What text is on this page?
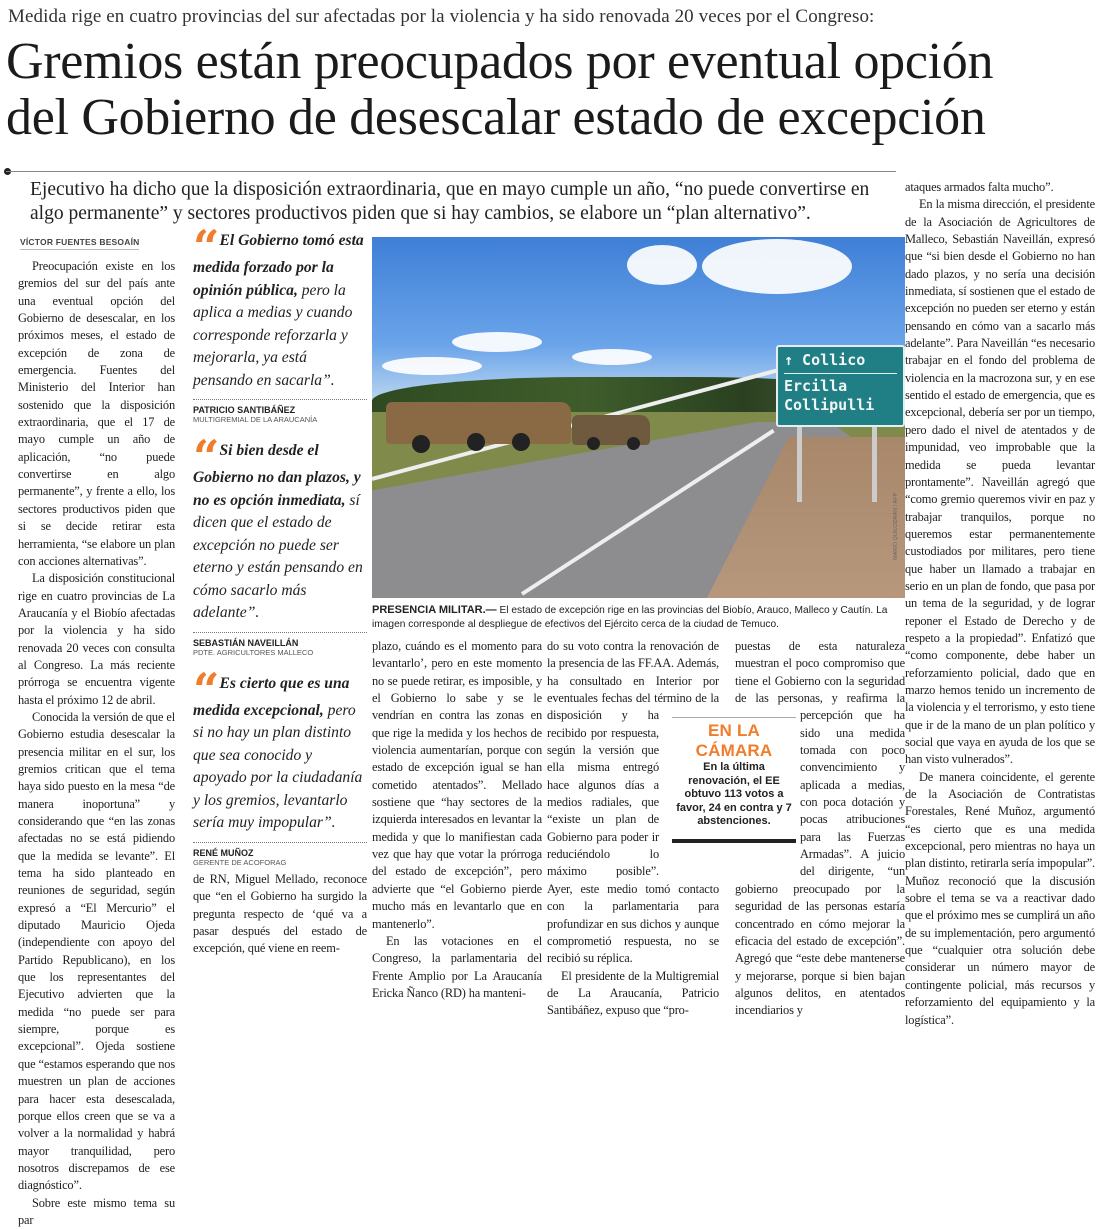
Medida rige en cuatro provincias del sur afectadas por la violencia y ha sido renovada 20 veces por el Congreso:
Gremios están preocupados por eventual opción
del Gobierno de desescalar estado de excepción
Ejecutivo ha dicho que la disposición extraordinaria, que en mayo cumple un año, “no puede convertirse en algo permanente” y sectores productivos piden que si hay cambios, se elabore un “plan alternativo”.
VÍCTOR FUENTES BESOAÍN

Preocupación existe en los gremios del sur del país ante una eventual opción del Gobierno de desescalar, en los próximos meses, el estado de excepción de zona de emergencia. Fuentes del Ministerio del Interior han sostenido que la disposición extraordinaria, que el 17 de mayo cumple un año de aplicación, “no puede convertirse en algo permanente”, y frente a ello, los sectores productivos piden que si se decide retirar esta herramienta, “se elabore un plan con acciones alternativas”.

La disposición constitucional rige en cuatro provincias de La Araucanía y el Biobío afectadas por la violencia y ha sido renovada 20 veces con consulta al Congreso. La más reciente prórroga se encuentra vigente hasta el próximo 12 de abril.

Conocida la versión de que el Gobierno estudia desescalar la presencia militar en el sur, los gremios critican que el tema haya sido puesto en la mesa “de manera inoportuna” y considerando que “en las zonas afectadas no se está pidiendo que la medida se levante”. El tema ha sido planteado en reuniones de seguridad, según expresó a “El Mercurio” el diputado Mauricio Ojeda (independiente con apoyo del Partido Republicano), en los que los representantes del Ejecutivo advierten que la medida “no puede ser para siempre, porque es excepcional”. Ojeda sostiene que “estamos esperando que nos muestren un plan de acciones para hacer esta desescalada, porque ellos creen que se va a volver a la normalidad y habrá mayor tranquilidad, pero nosotros discrepamos de ese diagnóstico”.

Sobre este mismo tema su par

“ El Gobierno tomó esta medida forzado por la opinión pública, pero la aplica a medias y cuando corresponde reforzarla y mejorarla, ya está pensando en sacarla”.
PATRICIO SANTIBÁÑEZ
MULTIGREMIAL DE LA ARAUCANÍA
“ Si bien desde el Gobierno no dan plazos, y no es opción inmediata, sí dicen que el estado de excepción no puede ser eterno y están pensando en cómo sacarlo más adelante”.
SEBASTIÁN NAVEILLÁN
PDTE. AGRICULTORES MALLECO
“ Es cierto que es una medida excepcional, pero si no hay un plan distinto que sea conocido y apoyado por la ciudadanía y los gremios, levantarlo sería muy impopular”.
RENÉ MUÑOZ
GERENTE DE ACOFORAG

de RN, Miguel Mellado, reconoce que “en el Gobierno ha surgido la pregunta respecto de ‘qué va a pasar después del estado de excepción, qué viene en reem-

↑ Collico
Ercilla
Collipulli
MARIO QUILODRÁN / AFP
PRESENCIA MILITAR.— El estado de excepción rige en las provincias del Biobío, Arauco, Malleco y Cautín. La imagen corresponde al despliegue de efectivos del Ejército cerca de la ciudad de Temuco.

plazo, cuándo es el momento para levantarlo’, pero en este momento no se puede retirar, es imposible, y el Gobierno lo sabe y se le vendrían en contra las zonas en que rige la medida y los hechos de violencia aumentarían, porque con estado de excepción igual se han cometido atentados”. Mellado sostiene que “hay sectores de la izquierda interesados en levantar la medida y que lo manifiestan cada vez que hay que votar la prórroga del estado de excepción”, pero advierte que “el Gobierno pierde mucho más en levantarlo que en mantenerlo”.

En las votaciones en el Congreso, la parlamentaria del Frente Amplio por La Araucanía Ericka Ñanco (RD) ha manteni-

do su voto contra la renovación de la presencia de las FF.AA. Además, ha consultado en Interior por eventuales fechas del término de la disposición y ha recibido por respuesta, según la versión que ella misma entregó hace algunos días a medios radiales, que “existe un plan de Gobierno para poder ir reduciéndolo lo máximo posible”. Ayer, este medio tomó contacto con la parlamentaria para profundizar en sus dichos y aunque comprometió respuesta, no se recibió su réplica.

El presidente de la Multigremial de La Araucanía, Patricio Santibáñez, expuso que “pro-

puestas de esta naturaleza muestran el poco compromiso que tiene el Gobierno con la seguridad de las personas, y reafirma la percepción que ha sido una medida tomada con poco convencimiento y aplicada a medias, con poca dotación y pocas atribuciones para las Fuerzas Armadas”. A juicio del dirigente, “un gobierno preocupado por la seguridad de las personas estaría concentrado en cómo mejorar la eficacia del estado de excepción”. Agregó que “este debe mantenerse y mejorarse, porque si bien bajan algunos delitos, en atentados incendiarios y

EN LA CÁMARA

En la última renovación, el EE obtuvo 113 votos a favor, 24 en contra y 7 abstenciones.

ataques armados falta mucho”.

En la misma dirección, el presidente de la Asociación de Agricultores de Malleco, Sebastián Naveillán, expresó que “si bien desde el Gobierno no han dado plazos, y no sería una decisión inmediata, sí sostienen que el estado de excepción no pueden ser eterno y están pensando en cómo van a sacarlo más adelante”. Para Naveillán “es necesario trabajar en el fondo del problema de violencia en la macrozona sur, y en ese sentido el estado de emergencia, que es excepcional, debería ser por un tiempo, pero dado el nivel de atentados y de impunidad, veo improbable que la medida se pueda levantar prontamente”. Naveillán agregó que “como gremio queremos vivir en paz y trabajar tranquilos, porque no queremos estar permanentemente custodiados por militares, pero tiene que haber un llamado a trabajar en serio en un plan de fondo, que pasa por un tema de la seguridad, y de lograr reponer el Estado de Derecho y de respeto a la propiedad”. Enfatizó que “como componente, debe haber un reforzamiento policial, dado que en marzo hemos tenido un incremento de la violencia y el terrorismo, y esto tiene que ir de la mano de un plan político y social que vaya en ayuda de los que se han visto vulnerados”.

De manera coincidente, el gerente de la Asociación de Contratistas Forestales, René Muñoz, argumentó “es cierto que es una medida excepcional, pero mientras no haya un plan distinto, retirarla sería impopular”. Muñoz reconoció que la discusión sobre el tema se va a reactivar dado que el próximo mes se cumplirá un año de su implementación, pero argumentó que “cualquier otra solución debe considerar un número mayor de contingente policial, más recursos y reforzamiento del equipamiento y la logística”.
